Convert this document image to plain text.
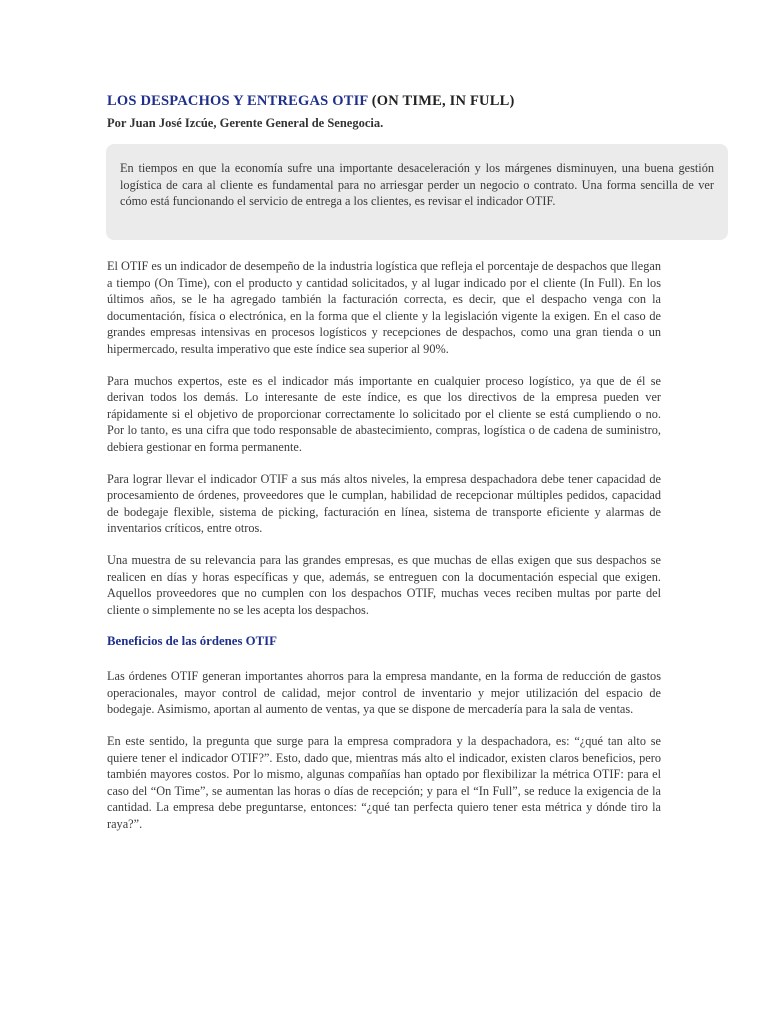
LOS DESPACHOS Y ENTREGAS OTIF (ON TIME, IN FULL)

Por Juan José Izcúe, Gerente General de Senegocia.

En tiempos en que la economía sufre una importante desaceleración y los márgenes disminuyen, una buena gestión logística de cara al cliente es fundamental para no arriesgar perder un negocio o contrato. Una forma sencilla de ver cómo está funcionando el servicio de entrega a los clientes, es revisar el indicador OTIF.

El OTIF es un indicador de desempeño de la industria logística que refleja el porcentaje de despachos que llegan a tiempo (On Time), con el producto y cantidad solicitados, y al lugar indicado por el cliente (In Full). En los últimos años, se le ha agregado también la facturación correcta, es decir, que el despacho venga con la documentación, física o electrónica, en la forma que el cliente y la legislación vigente la exigen. En el caso de grandes empresas intensivas en procesos logísticos y recepciones de despachos, como una gran tienda o un hipermercado, resulta imperativo que este índice sea superior al 90%.

Para muchos expertos, este es el indicador más importante en cualquier proceso logístico, ya que de él se derivan todos los demás. Lo interesante de este índice, es que los directivos de la empresa pueden ver rápidamente si el objetivo de proporcionar correctamente lo solicitado por el cliente se está cumpliendo o no. Por lo tanto, es una cifra que todo responsable de abastecimiento, compras, logística o de cadena de suministro, debiera gestionar en forma permanente.

Para lograr llevar el indicador OTIF a sus más altos niveles, la empresa despachadora debe tener capacidad de procesamiento de órdenes, proveedores que le cumplan, habilidad de recepcionar múltiples pedidos, capacidad de bodegaje flexible, sistema de picking, facturación en línea, sistema de transporte eficiente y alarmas de inventarios críticos, entre otros.

Una muestra de su relevancia para las grandes empresas, es que muchas de ellas exigen que sus despachos se realicen en días y horas específicas y que, además, se entreguen con la documentación especial que exigen. Aquellos proveedores que no cumplen con los despachos OTIF, muchas veces reciben multas por parte del cliente o simplemente no se les acepta los despachos.

Beneficios de las órdenes OTIF

Las órdenes OTIF generan importantes ahorros para la empresa mandante, en la forma de reducción de gastos operacionales, mayor control de calidad, mejor control de inventario y mejor utilización del espacio de bodegaje. Asimismo, aportan al aumento de ventas, ya que se dispone de mercadería para la sala de ventas.

En este sentido, la pregunta que surge para la empresa compradora y la despachadora, es: “¿qué tan alto se quiere tener el indicador OTIF?”. Esto, dado que, mientras más alto el indicador, existen claros beneficios, pero también mayores costos. Por lo mismo, algunas compañías han optado por flexibilizar la métrica OTIF: para el caso del “On Time”, se aumentan las horas o días de recepción; y para el “In Full”, se reduce la exigencia de la cantidad. La empresa debe preguntarse, entonces: “¿qué tan perfecta quiero tener esta métrica y dónde tiro la raya?”.
